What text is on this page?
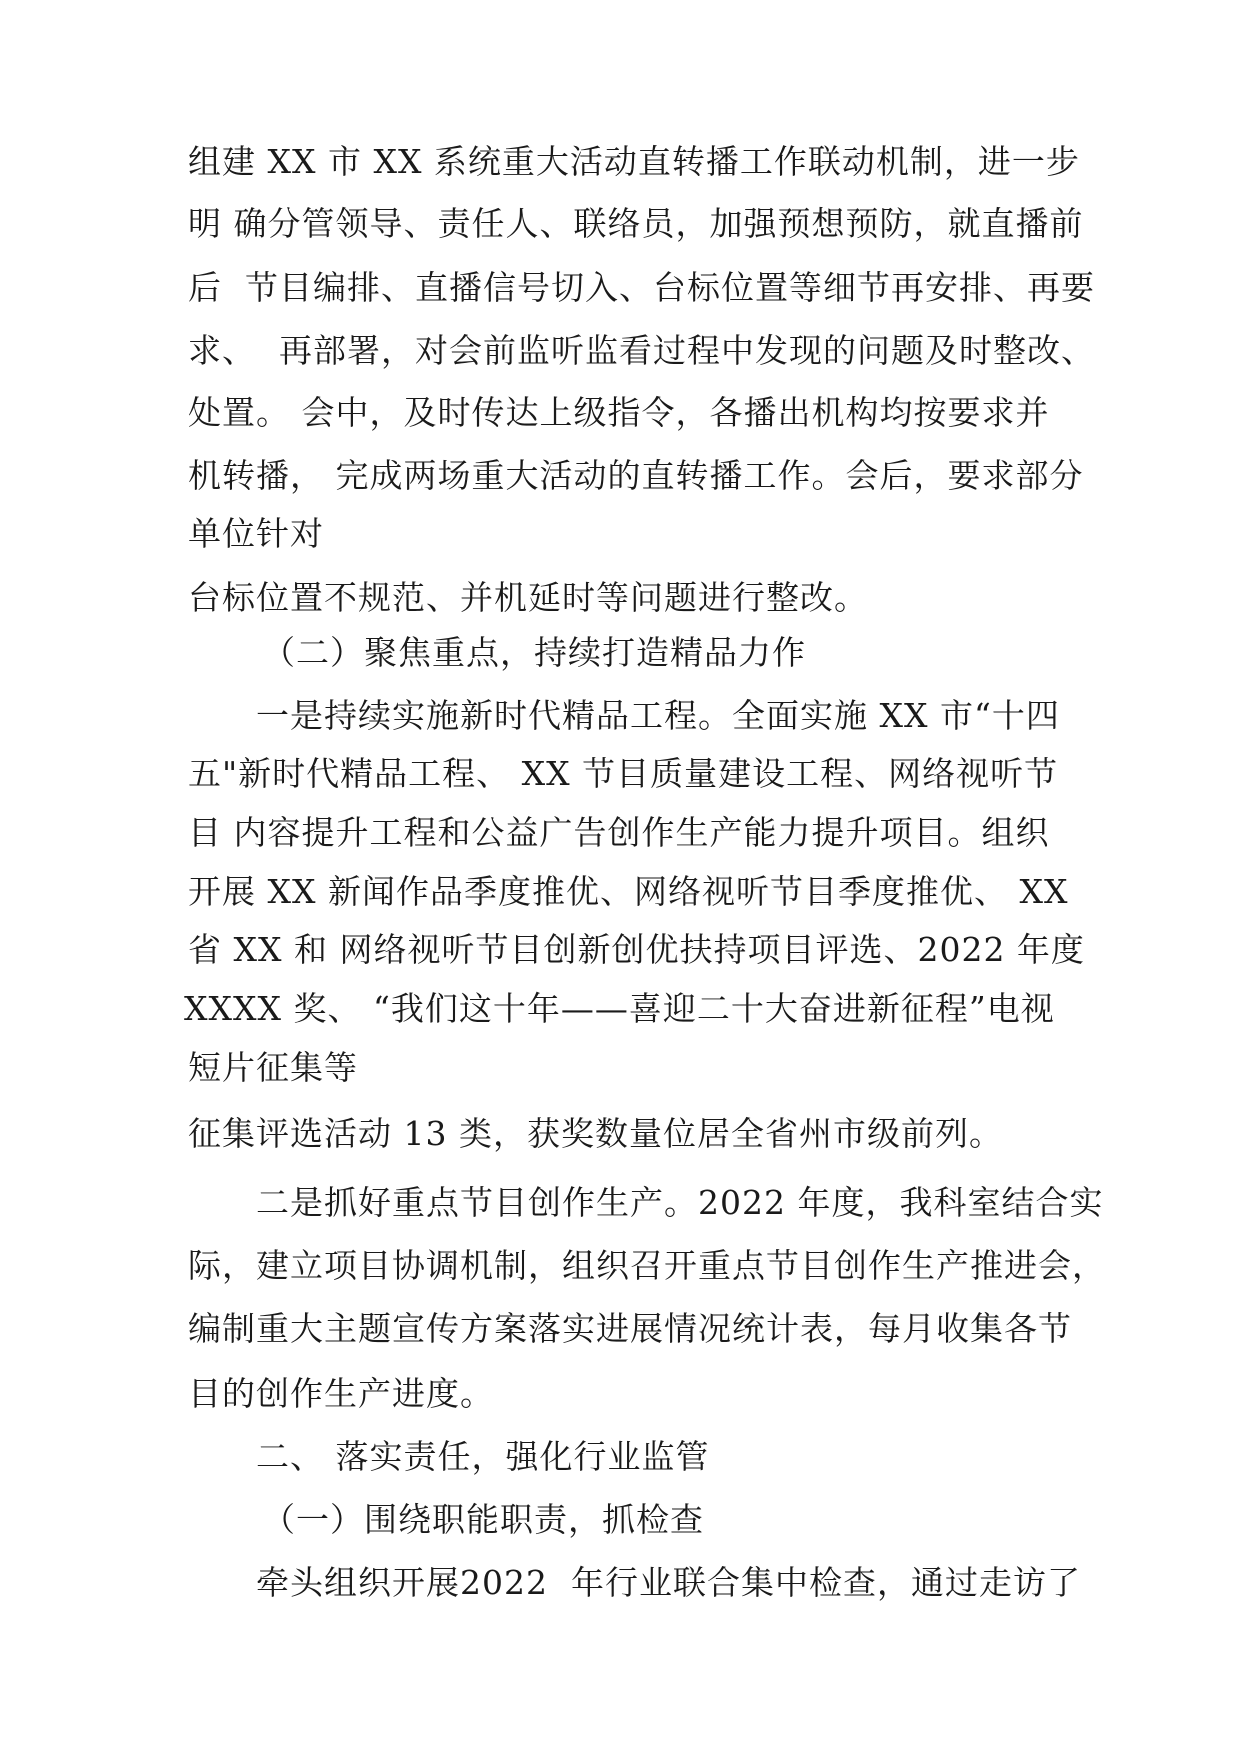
组建 XX 市 XX 系统重大活动直转播工作联动机制，进一步
明 确分管领导、责任人、联络员，加强预想预防，就直播前
后  节目编排、直播信号切入、台标位置等细节再安排、再要
求、  再部署，对会前监听监看过程中发现的问题及时整改、
处置。 会中，及时传达上级指令，各播出机构均按要求并
机转播， 完成两场重大活动的直转播工作。会后，要求部分
单位针对
台标位置不规范、并机延时等问题进行整改。
（二）聚焦重点，持续打造精品力作
一是持续实施新时代精品工程。全面实施 XX 市“十四
五"新时代精品工程、 XX 节目质量建设工程、网络视听节
目 内容提升工程和公益广告创作生产能力提升项目。组织
开展 XX 新闻作品季度推优、网络视听节目季度推优、 XX
省 XX 和 网络视听节目创新创优扶持项目评选、2022 年度
XXXX 奖、 “我们这十年——喜迎二十大奋进新征程”电视
短片征集等
征集评选活动 13 类，获奖数量位居全省州市级前列。
二是抓好重点节目创作生产。2022 年度，我科室结合实
际，建立项目协调机制，组织召开重点节目创作生产推进会，
编制重大主题宣传方案落实进展情况统计表，每月收集各节
目的创作生产进度。
二、 落实责任，强化行业监管
（一）围绕职能职责，抓检查
牵头组织开展2022  年行业联合集中检查，通过走访了
